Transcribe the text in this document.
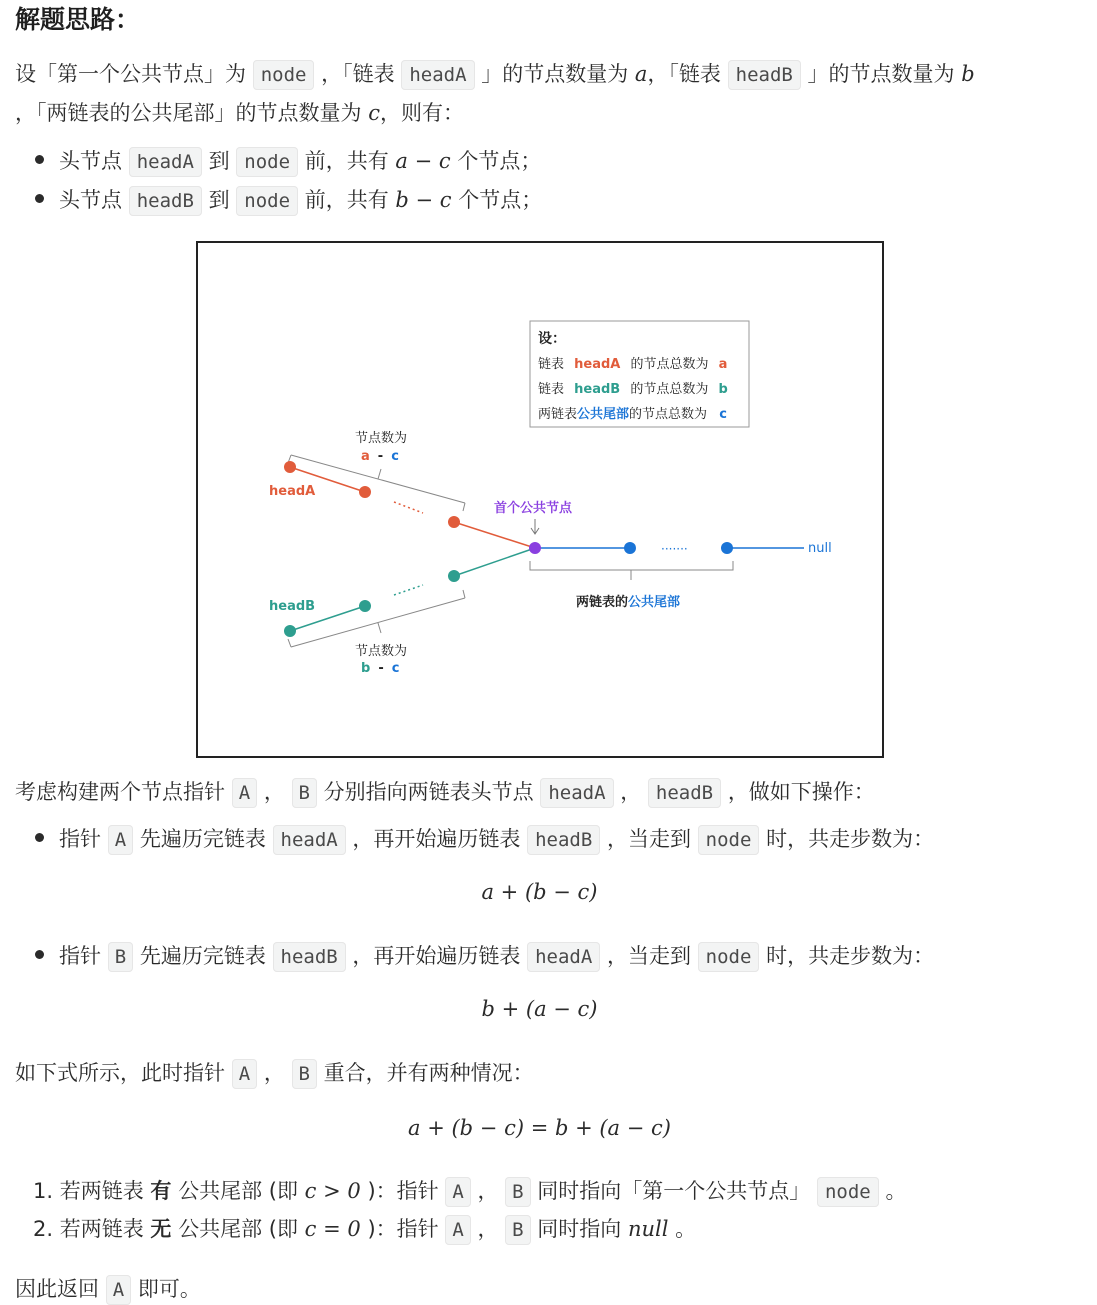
解题思路：
设「第一个公共节点」为 node ，「链表 headA 」的节点数量为 a，「链表 headB 」的节点数量为 b
，「两链表的公共尾部」的节点数量为 c，则有：
头节点 headA 到 node 前，共有 a − c 个节点；
头节点 headB 到 node 前，共有 b − c 个节点；
设：
链表 headA 的节点总数为 a
链表 headB 的节点总数为 b
两链表公共尾部的节点总数为 c
节点数为
a - c
headA
headB
节点数为
b - c
·······	null
首个公共节点
两链表的公共尾部
考虑构建两个节点指针 A ， B 分别指向两链表头节点 headA ， headB ，做如下操作：
指针 A 先遍历完链表 headA ，再开始遍历链表 headB ，当走到 node 时，共走步数为：
a + (b − c)
指针 B 先遍历完链表 headB ，再开始遍历链表 headA ，当走到 node 时，共走步数为：
b + (a − c)
如下式所示，此时指针 A ， B 重合，并有两种情况：
a + (b − c) = b + (a − c)
1. 若两链表 有 公共尾部 (即 c > 0 )：指针 A ， B 同时指向「第一个公共节点」 node 。
2. 若两链表 无 公共尾部 (即 c = 0 )：指针 A ， B 同时指向 null 。
因此返回 A 即可。
